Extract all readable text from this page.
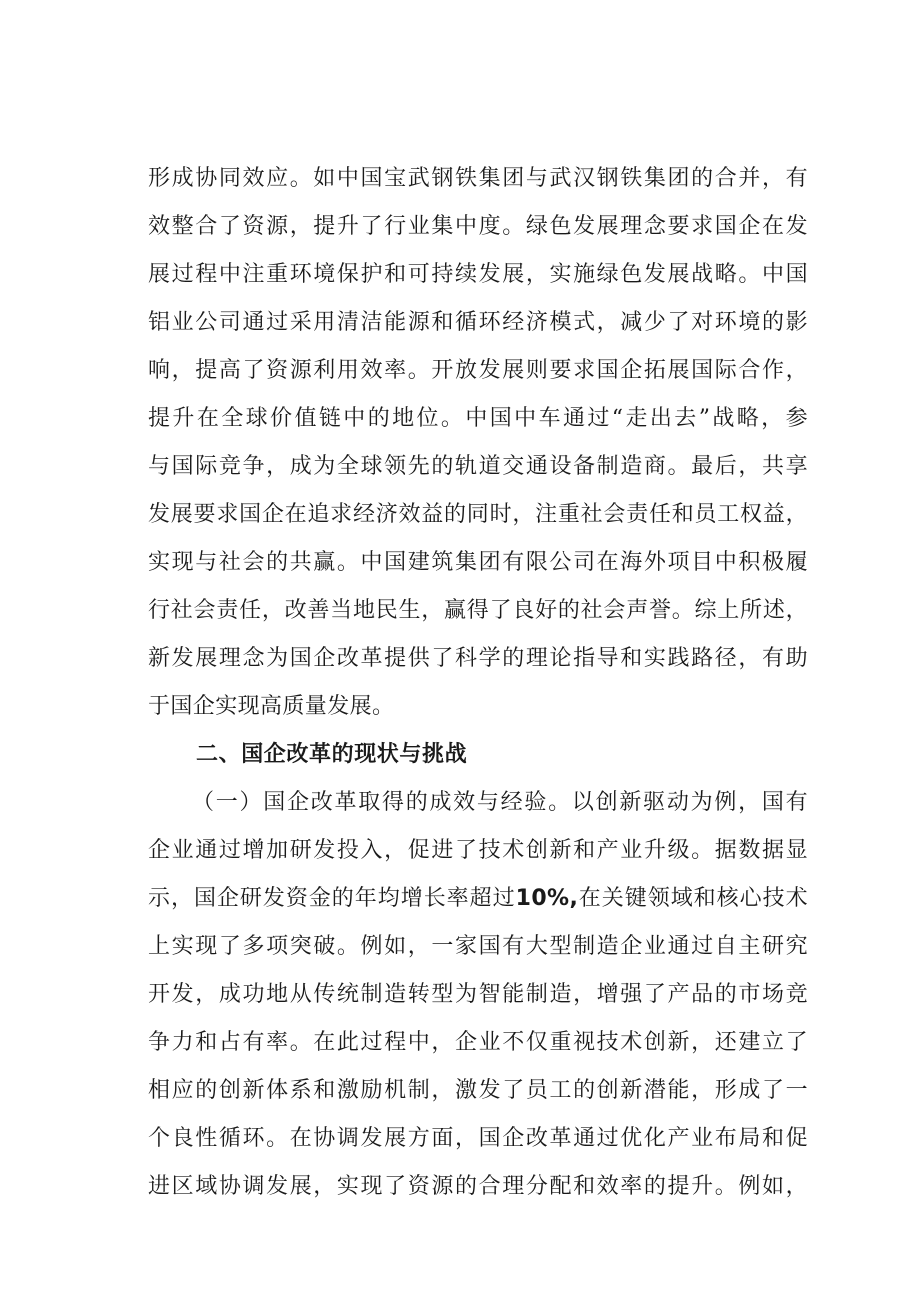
形成协同效应。如中国宝武钢铁集团与武汉钢铁集团的合并，有
效整合了资源，提升了行业集中度。绿色发展理念要求国企在发
展过程中注重环境保护和可持续发展，实施绿色发展战略。中国
铝业公司通过采用清洁能源和循环经济模式，减少了对环境的影
响，提高了资源利用效率。开放发展则要求国企拓展国际合作，
提升在全球价值链中的地位。中国中车通过“走出去”战略，参
与国际竞争，成为全球领先的轨道交通设备制造商。最后，共享
发展要求国企在追求经济效益的同时，注重社会责任和员工权益，
实现与社会的共赢。中国建筑集团有限公司在海外项目中积极履
行社会责任，改善当地民生，赢得了良好的社会声誉。综上所述，
新发展理念为国企改革提供了科学的理论指导和实践路径，有助
于国企实现高质量发展。
二、国企改革的现状与挑战
（一）国企改革取得的成效与经验。以创新驱动为例，国有
企业通过增加研发投入，促进了技术创新和产业升级。据数据显
示，国企研发资金的年均增长率超过10%,在关键领域和核心技术
上实现了多项突破。例如，一家国有大型制造企业通过自主研究
开发，成功地从传统制造转型为智能制造，增强了产品的市场竞
争力和占有率。在此过程中，企业不仅重视技术创新，还建立了
相应的创新体系和激励机制，激发了员工的创新潜能，形成了一
个良性循环。在协调发展方面，国企改革通过优化产业布局和促
进区域协调发展，实现了资源的合理分配和效率的提升。例如，
